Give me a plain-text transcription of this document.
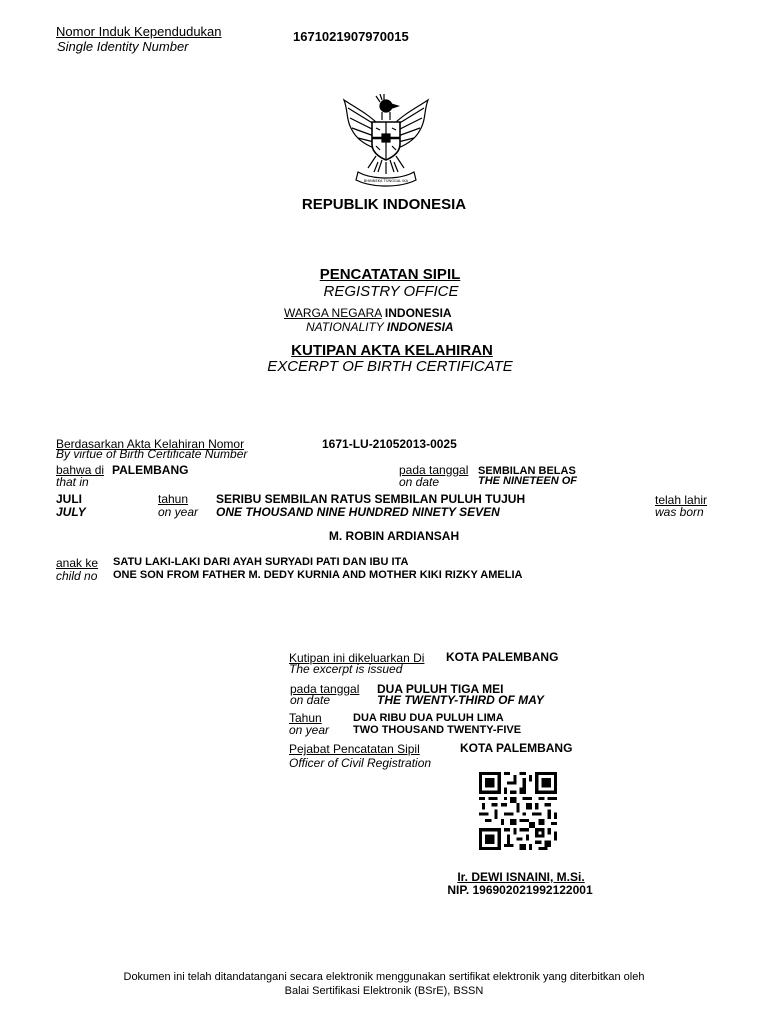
Nomor Induk Kependudukan
Single Identity Number
1671021907970015
BHINNEKA TUNGGAL IKA
REPUBLIK INDONESIA
PENCATATAN SIPIL
REGISTRY OFFICE
WARGA NEGARA INDONESIA
NATIONALITY INDONESIA
KUTIPAN AKTA KELAHIRAN
EXCERPT OF BIRTH CERTIFICATE
Berdasarkan Akta Kelahiran Nomor
By virtue of Birth Certificate Number
1671-LU-21052013-0025
bahwa di PALEMBANG
that in
pada tanggal SEMBILAN BELAS
on date	THE NINETEEN OF
JULI
JULY
tahun
on year
SERIBU SEMBILAN RATUS SEMBILAN PULUH TUJUH
ONE THOUSAND NINE HUNDRED NINETY SEVEN
telah lahir
was born
M. ROBIN ARDIANSAH
anak ke
child no
SATU LAKI-LAKI DARI AYAH SURYADI PATI DAN IBU ITA
ONE SON FROM FATHER M. DEDY KURNIA AND MOTHER KIKI RIZKY AMELIA
Kutipan ini dikeluarkan Di
The excerpt is issued
KOTA PALEMBANG
pada tanggal
on date
DUA PULUH TIGA MEI
THE TWENTY-THIRD OF MAY
Tahun
on year
DUA RIBU DUA PULUH LIMA
TWO THOUSAND TWENTY-FIVE
Pejabat Pencatatan Sipil
Officer of Civil Registration
KOTA PALEMBANG
Ir. DEWI ISNAINI, M.Si.
NIP. 196902021992122001
Dokumen ini telah ditandatangani secara elektronik menggunakan sertifikat elektronik yang diterbitkan oleh
Balai Sertifikasi Elektronik (BSrE), BSSN
